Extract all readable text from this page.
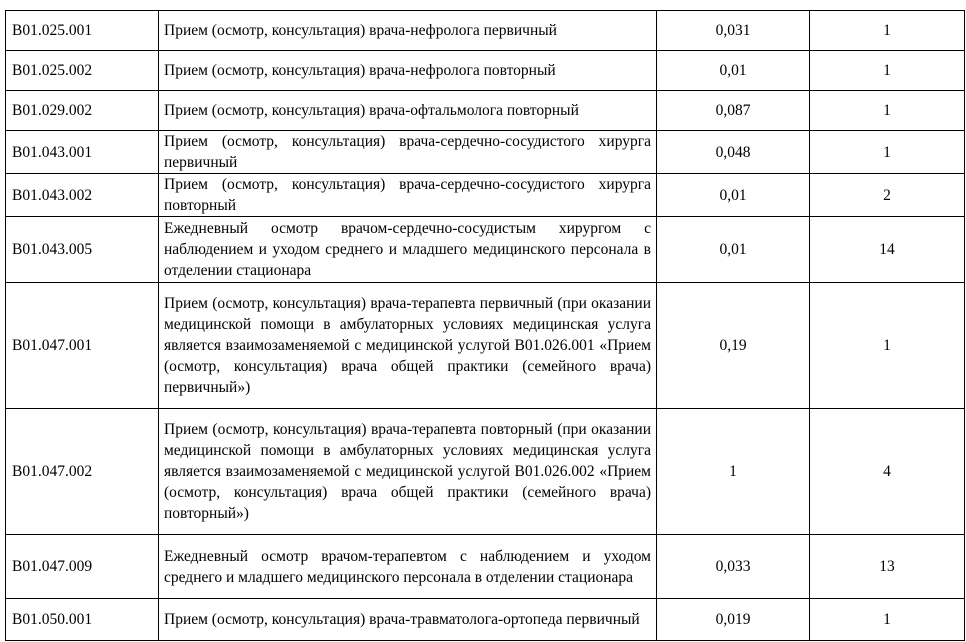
B01.025.001	Прием (осмотр, консультация) врача-нефролога первичный	0,031	1
B01.025.002	Прием (осмотр, консультация) врача-нефролога повторный	0,01	1
B01.029.002	Прием (осмотр, консультация) врача-офтальмолога повторный	0,087	1
B01.043.001	Прием (осмотр, консультация) врача-сердечно-сосудистого хирурга первичный	0,048	1
B01.043.002	Прием (осмотр, консультация) врача-сердечно-сосудистого хирурга повторный	0,01	2
B01.043.005	Ежедневный осмотр врачом-сердечно-сосудистым хирургом с наблюдением и уходом среднего и младшего медицинского персонала в отделении стационара	0,01	14
B01.047.001	Прием (осмотр, консультация) врача-терапевта первичный (при оказании медицинской помощи в амбулаторных условиях медицинская услуга является взаимозаменяемой с медицинской услугой B01.026.001 «Прием (осмотр, консультация) врача общей практики (семейного врача) первичный»)	0,19	1
B01.047.002	Прием (осмотр, консультация) врача-терапевта повторный (при оказании медицинской помощи в амбулаторных условиях медицинская услуга является взаимозаменяемой с медицинской услугой B01.026.002 «Прием (осмотр, консультация) врача общей практики (семейного врача) повторный»)	1	4
B01.047.009	Ежедневный осмотр врачом-терапевтом с наблюдением и уходом среднего и младшего медицинского персонала в отделении стационара	0,033	13
B01.050.001	Прием (осмотр, консультация) врача-травматолога-ортопеда первичный	0,019	1
